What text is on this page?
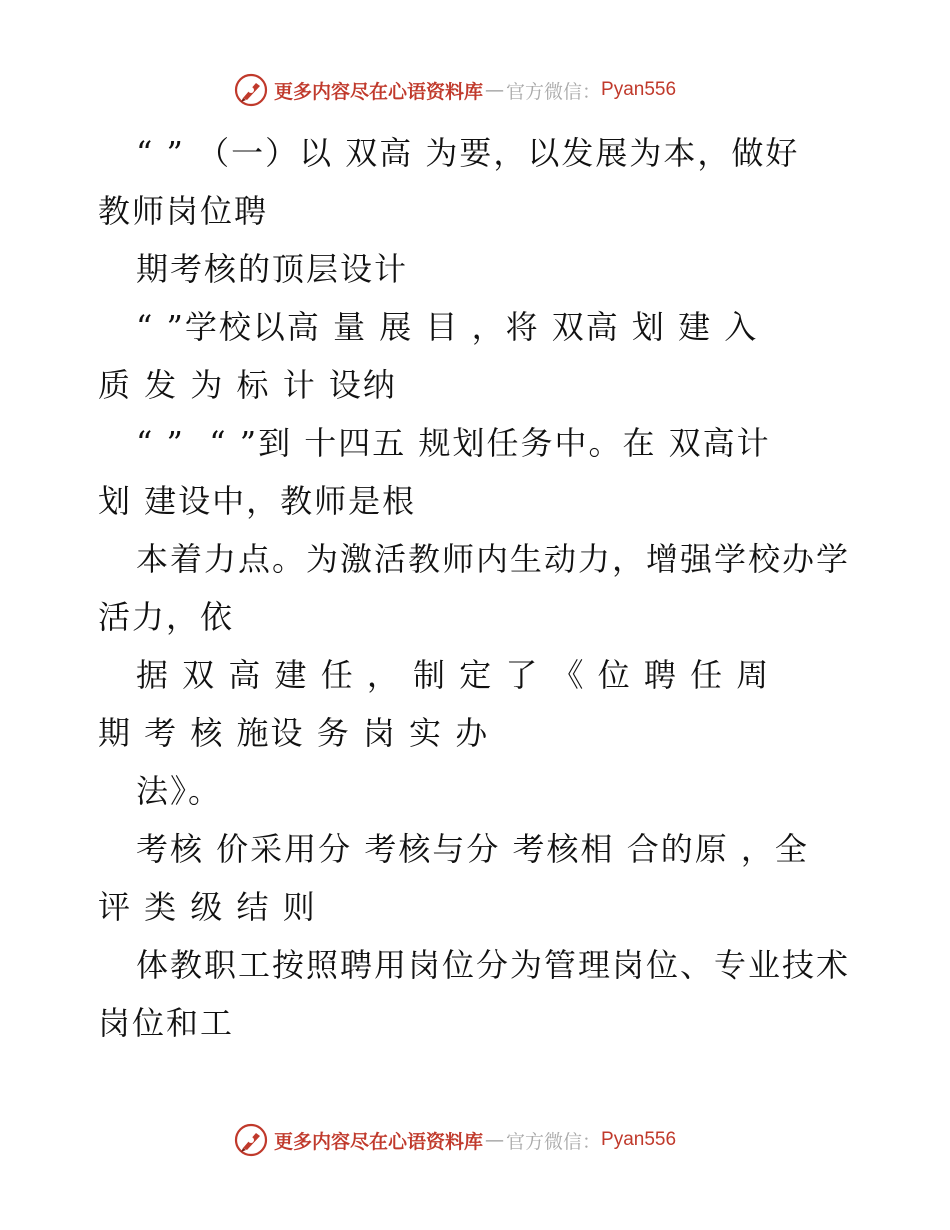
更多内容尽在心语资料库 — 官方微信： Pyan556
“ ” （一）以 双高 为要，以发展为本，做好
教师岗位聘
期考核的顶层设计
“ ”学校以高 量 展 目 ，将 双高 划 建 入
质 发 为 标 计 设纳
“ ”  “ ”到 十四五 规划任务中。在 双高计
划 建设中，教师是根
本着力点。为激活教师内生动力，增强学校办学
活力，依
据 双 高 建 任 ， 制 定 了 《 位 聘 任 周
期 考 核 施设 务 岗 实 办
法》。
考核 价采用分 考核与分 考核相 合的原 ，全
评 类 级 结 则
体教职工按照聘用岗位分为管理岗位、专业技术
岗位和工
更多内容尽在心语资料库 — 官方微信： Pyan556
